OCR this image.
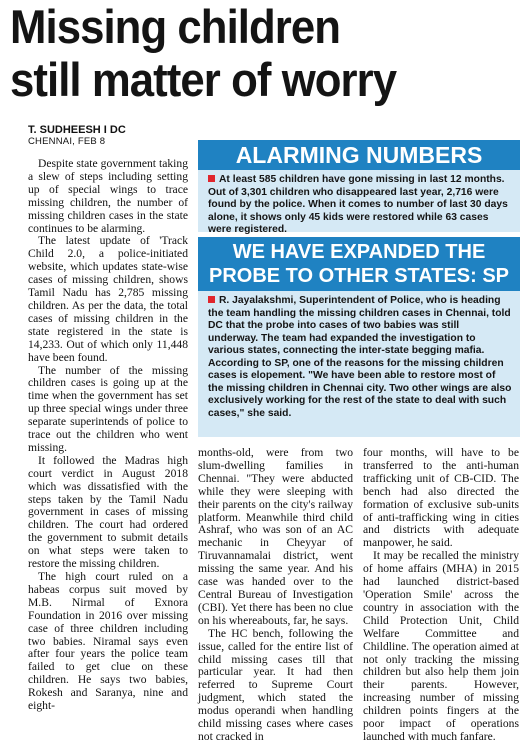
Missing children
still matter of worry
T. SUDHEESH I DC
CHENNAI, FEB 8

Despite state government taking a slew of steps including setting up of special wings to trace missing children, the number of missing children cases in the state continues to be alarming.

The latest update of 'Track Child 2.0, a police-initiated website, which updates state-wise cases of missing children, shows Tamil Nadu has 2,785 missing children. As per the data, the total cases of missing children in the state registered in the state is 14,233. Out of which only 11,448 have been found.

The number of the missing children cases is going up at the time when the government has set up three special wings under three separate superintends of police to trace out the children who went missing.

It followed the Madras high court verdict in August 2018 which was dissatisfied with the steps taken by the Tamil Nadu government in cases of missing children. The court had ordered the government to submit details on what steps were taken to restore the missing children.

The high court ruled on a habeas corpus suit moved by M.B. Nirmal of Exnora Foundation in 2016 over missing case of three children including two babies. Niramal says even after four years the police team failed to get clue on these children. He says two babies, Rokesh and Saranya, nine and eight-

ALARMING NUMBERS
At least 585 children have gone missing in last 12 months. Out of 3,301 children who disappeared last year, 2,716 were found by the police. When it comes to number of last 30 days alone, it shows only 45 kids were restored while 63 cases were registered.
WE HAVE EXPANDED THE
PROBE TO OTHER STATES: SP
R. Jayalakshmi, Superintendent of Police, who is heading the team handling the missing children cases in Chennai, told DC that the probe into cases of two babies was still underway. The team had expanded the investigation to various states, connecting the inter-state begging mafia. According to SP, one of the reasons for the missing children cases is elopement. "We have been able to restore most of the missing children in Chennai city. Two other wings are also exclusively working for the rest of the state to deal with such cases," she said.

months-old, were from two slum-dwelling families in Chennai. "They were abducted while they were sleeping with their parents on the city's railway platform. Meanwhile third child Ashraf, who was son of an AC mechanic in Cheyyar of Tiruvannamalai district, went missing the same year. And his case was handed over to the Central Bureau of Investigation (CBI). Yet there has been no clue on his whereabouts, far, he says.

The HC bench, following the issue, called for the entire list of child missing cases till that particular year. It had then referred to Supreme Court judgment, which stated the modus operandi when handling child missing cases where cases not cracked in

four months, will have to be transferred to the anti-human trafficking unit of CB-CID. The bench had also directed the formation of exclusive sub-units of anti-trafficking wing in cities and districts with adequate manpower, he said.

It may be recalled the ministry of home affairs (MHA) in 2015 had launched district-based 'Operation Smile' across the country in association with the Child Protection Unit, Child Welfare Committee and Childline. The operation aimed at not only tracking the missing children but also help them join their parents. However, increasing number of missing children points fingers at the poor impact of operations launched with much fanfare.
